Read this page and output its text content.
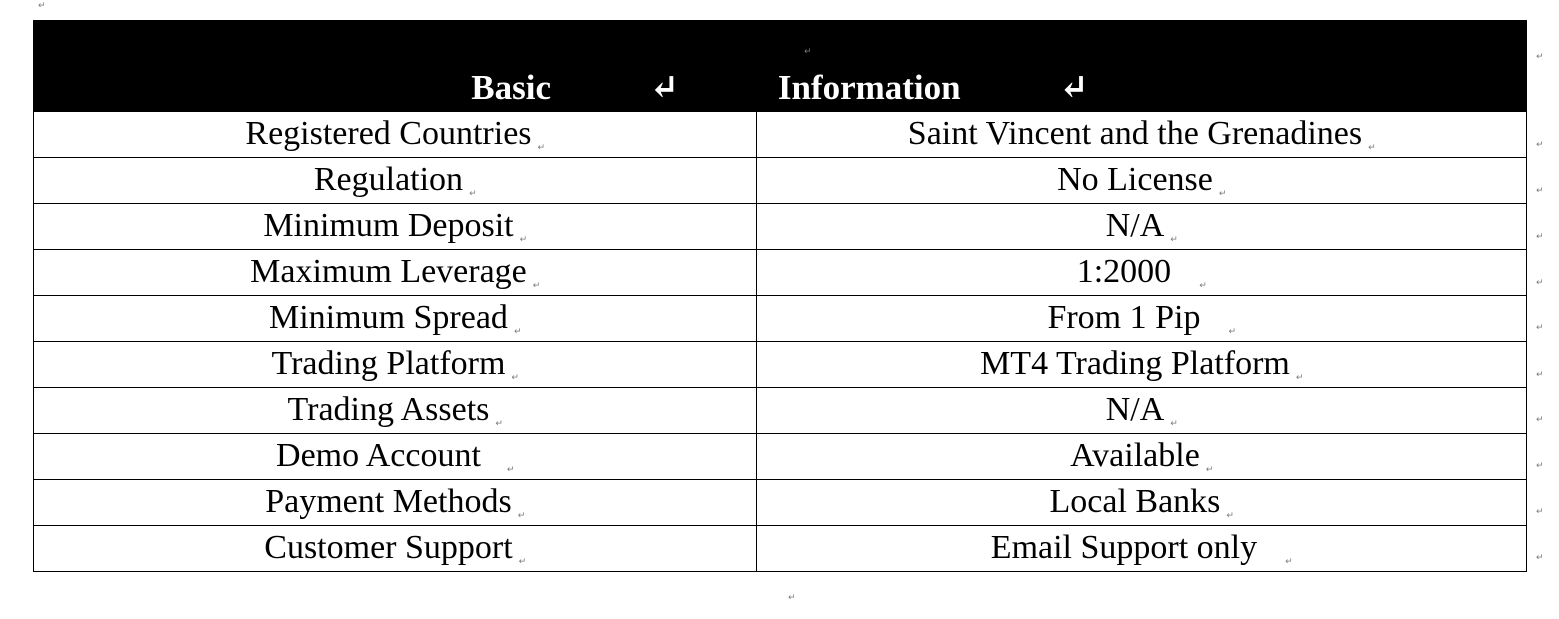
↵
↵
Basic ↵ Information ↵	

Registered Countries ↵	Saint Vincent and the Grenadines ↵
Regulation ↵	No License ↵
Minimum Deposit ↵	N/A ↵
Maximum Leverage ↵	1:2000 ↵
Minimum Spread ↵	From 1 Pip ↵
Trading Platform ↵	MT4 Trading Platform ↵
Trading Assets ↵	N/A ↵
Demo Account ↵	Available ↵
Payment Methods ↵	Local Banks ↵
Customer Support ↵	Email Support only ↵
↵
↵
↵
↵
↵
↵
↵
↵
↵
↵
↵
↵
